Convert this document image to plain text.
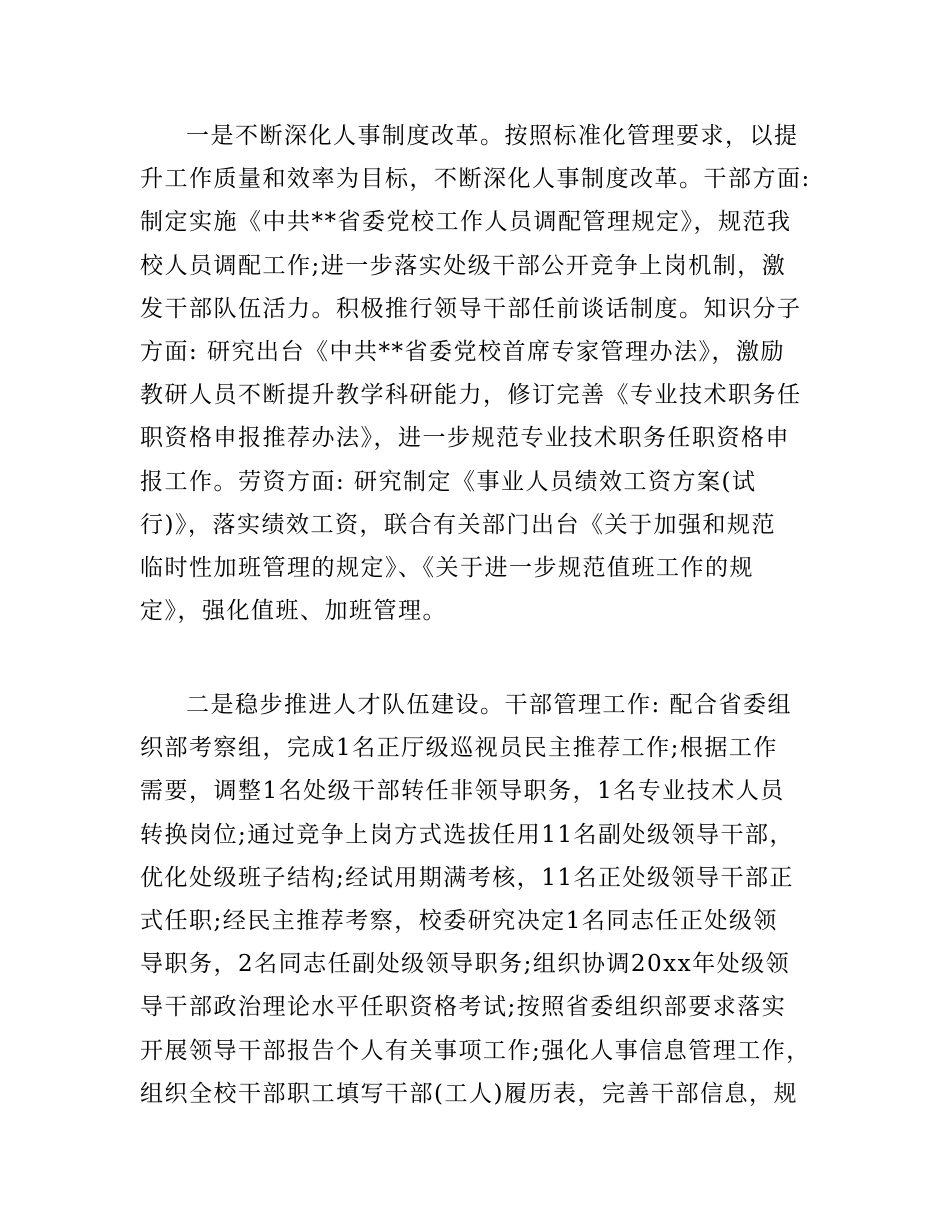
一是不断深化人事制度改革。按照标准化管理要求，以提
升工作质量和效率为目标，不断深化人事制度改革。干部方面:
制定实施《中共**省委党校工作人员调配管理规定》，规范我
校人员调配工作;进一步落实处级干部公开竞争上岗机制，激
发干部队伍活力。积极推行领导干部任前谈话制度。知识分子
方面: 研究出台《中共**省委党校首席专家管理办法》，激励
教研人员不断提升教学科研能力，修订完善《专业技术职务任
职资格申报推荐办法》，进一步规范专业技术职务任职资格申
报工作。劳资方面: 研究制定《事业人员绩效工资方案(试
行)》，落实绩效工资，联合有关部门出台《关于加强和规范
临时性加班管理的规定》、《关于进一步规范值班工作的规
定》，强化值班、加班管理。
二是稳步推进人才队伍建设。干部管理工作: 配合省委组
织部考察组，完成1名正厅级巡视员民主推荐工作;根据工作
需要，调整1名处级干部转任非领导职务，1名专业技术人员
转换岗位;通过竞争上岗方式选拔任用11名副处级领导干部，
优化处级班子结构;经试用期满考核，11名正处级领导干部正
式任职;经民主推荐考察，校委研究决定1名同志任正处级领
导职务，2名同志任副处级领导职务;组织协调20xx年处级领
导干部政治理论水平任职资格考试;按照省委组织部要求落实
开展领导干部报告个人有关事项工作;强化人事信息管理工作，
组织全校干部职工填写干部(工人)履历表，完善干部信息，规
